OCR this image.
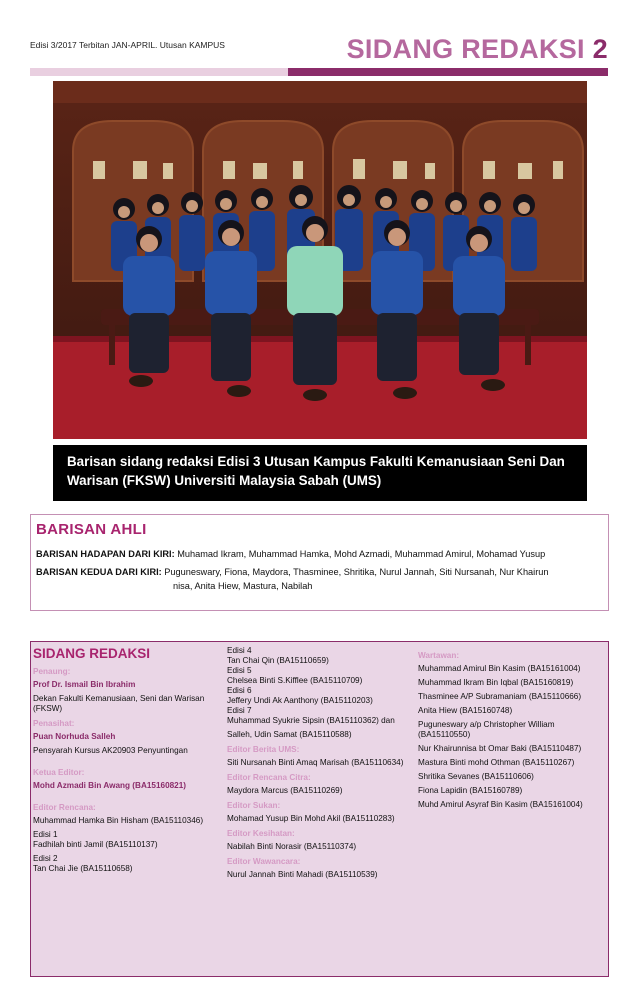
Edisi 3/2017 Terbitan JAN-APRIL. Utusan KAMPUS	SIDANG REDAKSI 2
Barisan sidang redaksi Edisi 3 Utusan Kampus Fakulti Kemanusiaan Seni Dan Warisan (FKSW) Universiti Malaysia Sabah (UMS)
BARISAN AHLI
BARISAN HADAPAN DARI KIRI: Muhamad Ikram, Muhammad Hamka, Mohd Azmadi, Muhammad Amirul, Mohamad Yusup
BARISAN KEDUA DARI KIRI: Puguneswary, Fiona, Maydora, Thasminee, Shritika, Nurul Jannah, Siti Nursanah, Nur Khairun
nisa, Anita Hiew, Mastura, Nabilah
SIDANG REDAKSI
Penaung:
Prof Dr. Ismail Bin Ibrahim
Dekan Fakulti Kemanusiaan, Seni dan Warisan (FKSW)
Penasihat:
Puan Norhuda Salleh
Pensyarah Kursus AK20903 Penyuntingan
Ketua Editor:
Mohd Azmadi Bin Awang (BA15160821)
Editor Rencana:
Muhammad Hamka Bin Hisham (BA15110346)
Edisi 1
Fadhilah binti Jamil (BA15110137)
Edisi 2
Tan Chai Jie (BA15110658)
Edisi 4
Tan Chai Qin (BA15110659)
Edisi 5
Chelsea Binti S.Kifflee (BA15110709)
Edisi 6
Jeffery Undi Ak Aanthony (BA15110203)
Edisi 7
Muhammad Syukrie Sipsin (BA15110362) dan
Salleh, Udin Samat (BA15110588)
Editor Berita UMS:
Siti Nursanah Binti Amaq Marisah (BA15110634)
Editor Rencana Citra:
Maydora Marcus (BA15110269)
Editor Sukan:
Mohamad Yusup Bin Mohd Akil (BA15110283)
Editor Kesihatan:
Nabilah Binti Norasir (BA15110374)
Editor Wawancara:
Nurul Jannah Binti Mahadi (BA15110539)
Wartawan:
Muhammad Amirul Bin Kasim (BA15161004)
Muhammad Ikram Bin Iqbal (BA15160819)
Thasminee A/P Subramaniam (BA15110666)
Anita Hiew (BA15160748)
Puguneswary a/p Christopher William (BA15110550)
Nur Khairunnisa bt Omar Baki (BA15110487)
Mastura Binti mohd Othman (BA15110267)
Shritika Sevanes (BA15110606)
Fiona Lapidin (BA15160789)
Muhd Amirul Asyraf Bin Kasim (BA15161004)
